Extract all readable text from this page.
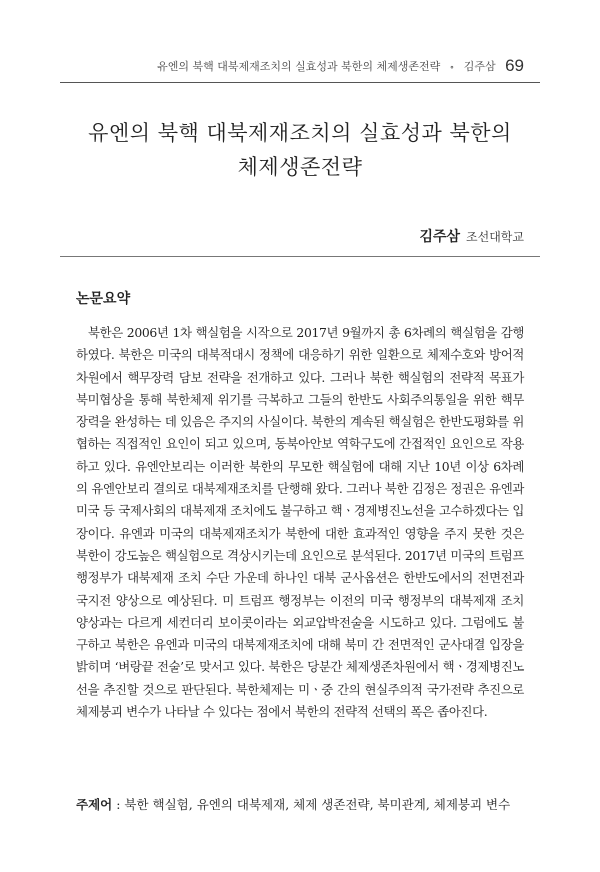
유엔의 북핵 대북제재조치의 실효성과 북한의 체제생존전략 ∘ 김주삼 69
유엔의 북핵 대북제재조치의 실효성과 북한의
체제생존전략
김주삼 조선대학교
논문요약

북한은 2006년 1차 핵실험을 시작으로 2017년 9월까지 총 6차례의 핵실험을 감행하였다. 북한은 미국의 대북적대시 정책에 대응하기 위한 일환으로 체제수호와 방어적 차원에서 핵무장력 담보 전략을 전개하고 있다. 그러나 북한 핵실험의 전략적 목표가 북미협상을 통해 북한체제 위기를 극복하고 그들의 한반도 사회주의통일을 위한 핵무장력을 완성하는 데 있음은 주지의 사실이다. 북한의 계속된 핵실험은 한반도평화를 위협하는 직접적인 요인이 되고 있으며, 동북아안보 역학구도에 간접적인 요인으로 작용하고 있다. 유엔안보리는 이러한 북한의 무모한 핵실험에 대해 지난 10년 이상 6차례의 유엔안보리 결의로 대북제재조치를 단행해 왔다. 그러나 북한 김정은 정권은 유엔과 미국 등 국제사회의 대북제재 조치에도 불구하고 핵ㆍ경제병진노선을 고수하겠다는 입장이다. 유엔과 미국의 대북제재조치가 북한에 대한 효과적인 영향을 주지 못한 것은 북한이 강도높은 핵실험으로 격상시키는데 요인으로 분석된다. 2017년 미국의 트럼프 행정부가 대북제재 조치 수단 가운데 하나인 대북 군사옵션은 한반도에서의 전면전과 국지전 양상으로 예상된다. 미 트럼프 행정부는 이전의 미국 행정부의 대북제재 조치 양상과는 다르게 세컨더리 보이콧이라는 외교압박전술을 시도하고 있다. 그럼에도 불구하고 북한은 유엔과 미국의 대북제재조치에 대해 북미 간 전면적인 군사대결 입장을 밝히며 ‘벼랑끝 전술’로 맞서고 있다. 북한은 당분간 체제생존차원에서 핵ㆍ경제병진노선을 추진할 것으로 판단된다. 북한체제는 미ㆍ중 간의 현실주의적 국가전략 추진으로 체제붕괴 변수가 나타날 수 있다는 점에서 북한의 전략적 선택의 폭은 좁아진다.

주제어 : 북한 핵실험, 유엔의 대북제재, 체제 생존전략, 북미관계, 체제붕괴 변수
